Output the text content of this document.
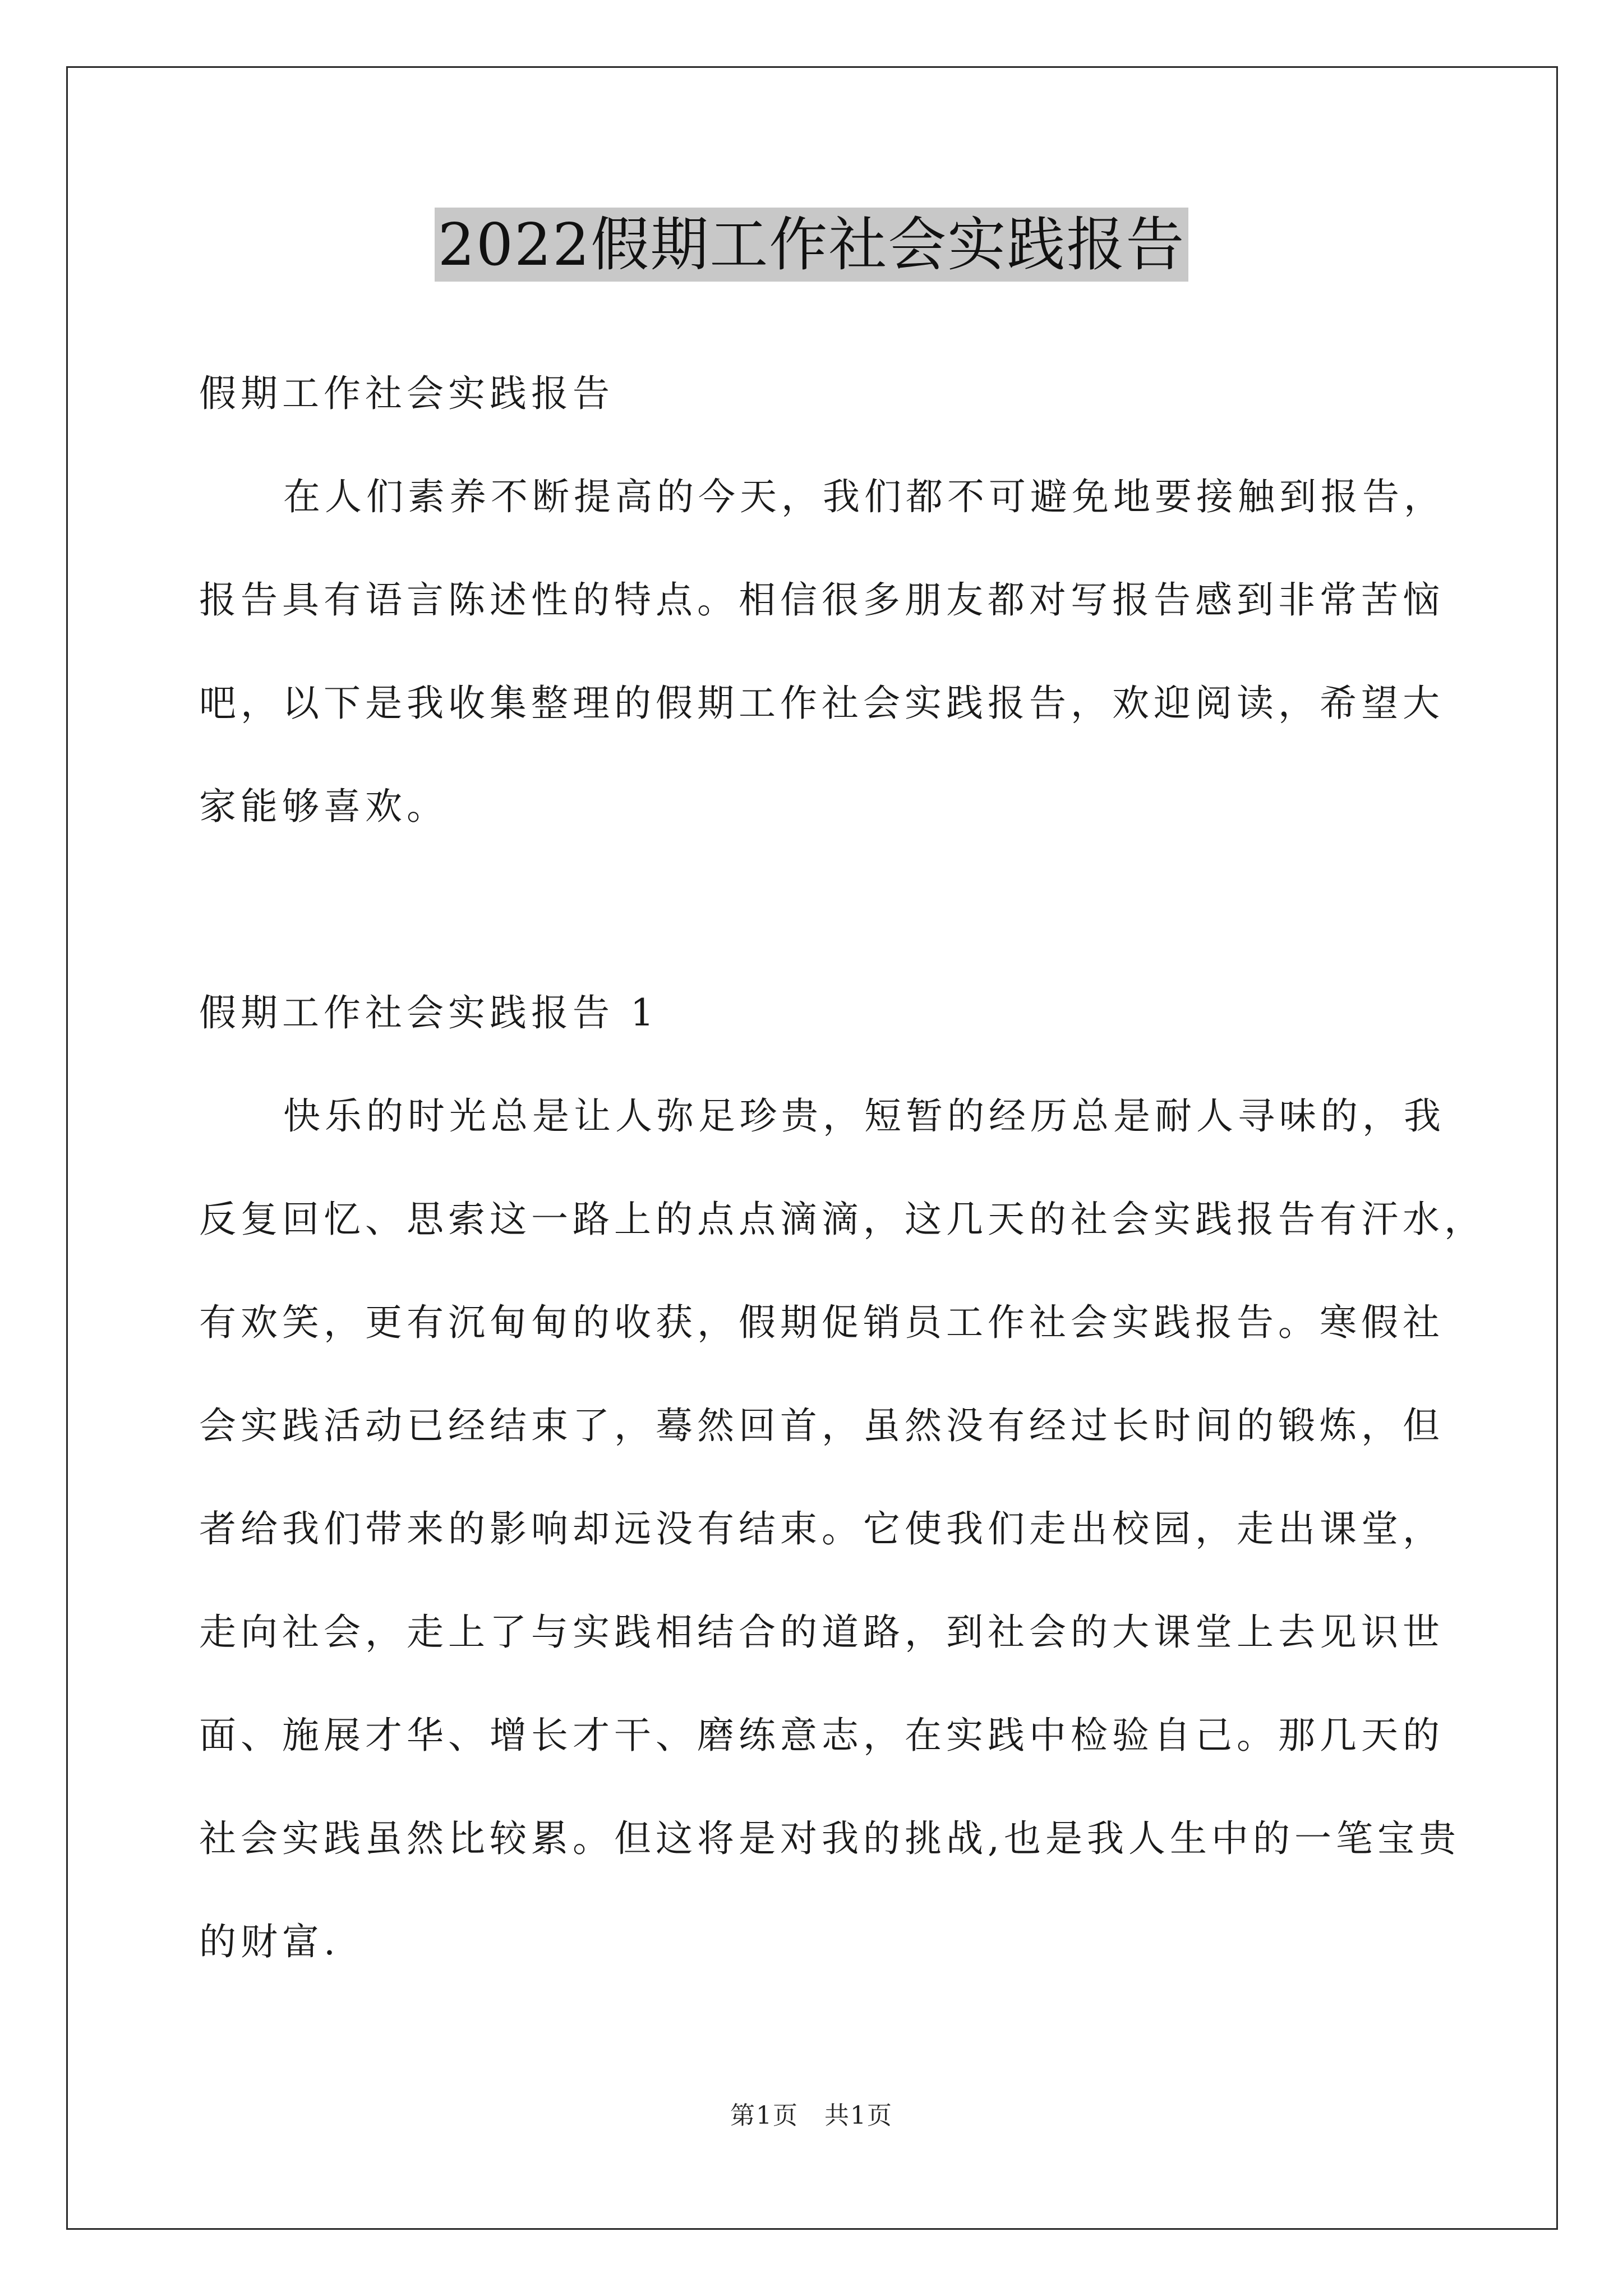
2022假期工作社会实践报告
假期工作社会实践报告
在人们素养不断提高的今天，我们都不可避免地要接触到报告，
报告具有语言陈述性的特点。相信很多朋友都对写报告感到非常苦恼
吧，以下是我收集整理的假期工作社会实践报告，欢迎阅读，希望大
家能够喜欢。
假期工作社会实践报告 1
快乐的时光总是让人弥足珍贵，短暂的经历总是耐人寻味的，我
反复回忆、思索这一路上的点点滴滴，这几天的社会实践报告有汗水，
有欢笑，更有沉甸甸的收获，假期促销员工作社会实践报告。寒假社
会实践活动已经结束了，蓦然回首，虽然没有经过长时间的锻炼，但
者给我们带来的影响却远没有结束。它使我们走出校园，走出课堂，
走向社会，走上了与实践相结合的道路，到社会的大课堂上去见识世
面、施展才华、增长才干、磨练意志，在实践中检验自己。那几天的
社会实践虽然比较累。但这将是对我的挑战,也是我人生中的一笔宝贵
的财富.
第1页　共1页
